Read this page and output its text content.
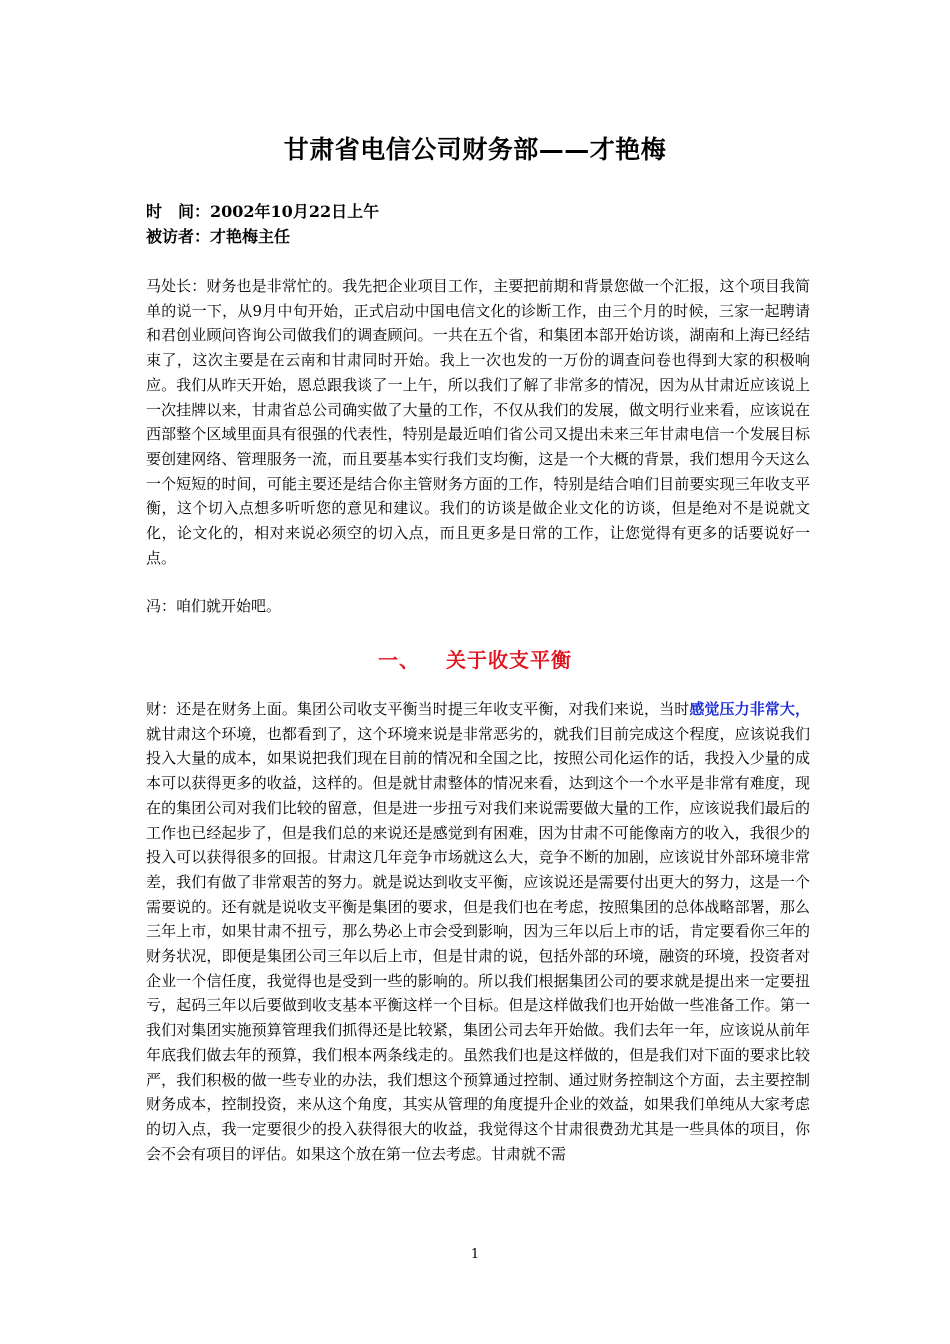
甘肃省电信公司财务部——才艳梅
时　间：2002年10月22日上午
被访者：才艳梅主任

马处长：财务也是非常忙的。我先把企业项目工作，主要把前期和背景您做一个汇报，这个项目我简单的说一下，从9月中旬开始，正式启动中国电信文化的诊断工作，由三个月的时候，三家一起聘请和君创业顾问咨询公司做我们的调查顾问。一共在五个省，和集团本部开始访谈，湖南和上海已经结束了，这次主要是在云南和甘肃同时开始。我上一次也发的一万份的调查问卷也得到大家的积极响应。我们从昨天开始，恩总跟我谈了一上午，所以我们了解了非常多的情况，因为从甘肃近应该说上一次挂牌以来，甘肃省总公司确实做了大量的工作，不仅从我们的发展，做文明行业来看，应该说在西部整个区域里面具有很强的代表性，特别是最近咱们省公司又提出未来三年甘肃电信一个发展目标要创建网络、管理服务一流，而且要基本实行我们支均衡，这是一个大概的背景，我们想用今天这么一个短短的时间，可能主要还是结合你主管财务方面的工作，特别是结合咱们目前要实现三年收支平衡，这个切入点想多听听您的意见和建议。我们的访谈是做企业文化的访谈，但是绝对不是说就文化，论文化的，相对来说必须空的切入点，而且更多是日常的工作，让您觉得有更多的话要说好一点。

冯：咱们就开始吧。

一、 关于收支平衡

财：还是在财务上面。集团公司收支平衡当时提三年收支平衡，对我们来说，当时感觉压力非常大，就甘肃这个环境，也都看到了，这个环境来说是非常恶劣的，就我们目前完成这个程度，应该说我们投入大量的成本，如果说把我们现在目前的情况和全国之比，按照公司化运作的话，我投入少量的成本可以获得更多的收益，这样的。但是就甘肃整体的情况来看，达到这个一个水平是非常有难度，现在的集团公司对我们比较的留意，但是进一步扭亏对我们来说需要做大量的工作，应该说我们最后的工作也已经起步了，但是我们总的来说还是感觉到有困难，因为甘肃不可能像南方的收入，我很少的投入可以获得很多的回报。甘肃这几年竞争市场就这么大，竞争不断的加剧，应该说甘外部环境非常差，我们有做了非常艰苦的努力。就是说达到收支平衡，应该说还是需要付出更大的努力，这是一个需要说的。还有就是说收支平衡是集团的要求，但是我们也在考虑，按照集团的总体战略部署，那么三年上市，如果甘肃不扭亏，那么势必上市会受到影响，因为三年以后上市的话，肯定要看你三年的财务状况，即便是集团公司三年以后上市，但是甘肃的说，包括外部的环境，融资的环境，投资者对企业一个信任度，我觉得也是受到一些的影响的。所以我们根据集团公司的要求就是提出来一定要扭亏，起码三年以后要做到收支基本平衡这样一个目标。但是这样做我们也开始做一些准备工作。第一我们对集团实施预算管理我们抓得还是比较紧，集团公司去年开始做。我们去年一年，应该说从前年年底我们做去年的预算，我们根本两条线走的。虽然我们也是这样做的，但是我们对下面的要求比较严，我们积极的做一些专业的办法，我们想这个预算通过控制、通过财务控制这个方面，去主要控制财务成本，控制投资，来从这个角度，其实从管理的角度提升企业的效益，如果我们单纯从大家考虑的切入点，我一定要很少的投入获得很大的收益，我觉得这个甘肃很费劲尤其是一些具体的项目，你会不会有项目的评估。如果这个放在第一位去考虑。甘肃就不需

1
